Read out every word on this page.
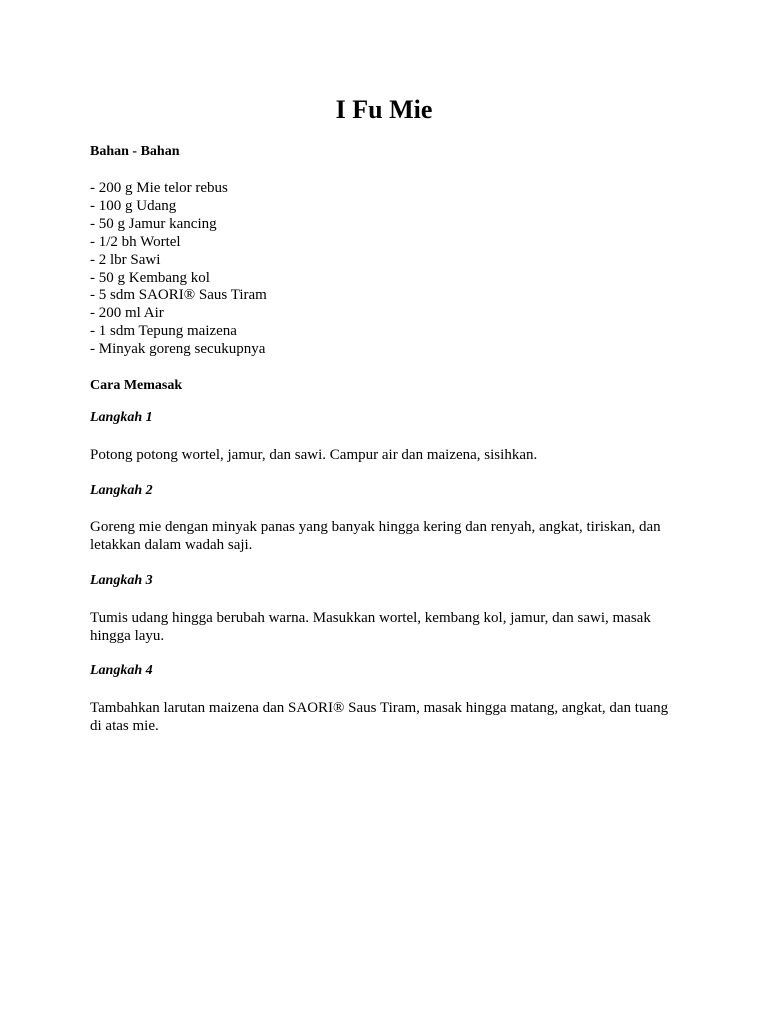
I Fu Mie

Bahan - Bahan

- 200 g Mie telor rebus
- 100 g Udang
- 50 g Jamur kancing
- 1/2 bh Wortel
- 2 lbr Sawi
- 50 g Kembang kol
- 5 sdm SAORI® Saus Tiram
- 200 ml Air
- 1 sdm Tepung maizena
- Minyak goreng secukupnya

Cara Memasak

Langkah 1

Potong potong wortel, jamur, dan sawi. Campur air dan maizena, sisihkan.

Langkah 2

Goreng mie dengan minyak panas yang banyak hingga kering dan renyah, angkat, tiriskan, dan letakkan dalam wadah saji.

Langkah 3

Tumis udang hingga berubah warna. Masukkan wortel, kembang kol, jamur, dan sawi, masak hingga layu.

Langkah 4

Tambahkan larutan maizena dan SAORI® Saus Tiram, masak hingga matang, angkat, dan tuang di atas mie.
